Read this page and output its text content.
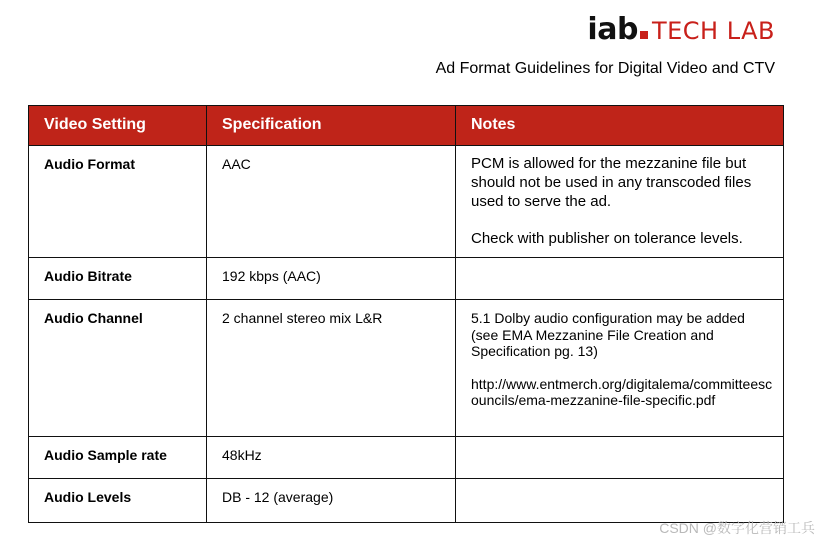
iab TECH LAB
Ad Format Guidelines for Digital Video and CTV
Video Setting	Specification	Notes
Audio Format	AAC	PCM is allowed for the mezzanine file but should not be used in any transcoded files used to serve the ad.
Check with publisher on tolerance levels.

Audio Bitrate	192 kbps (AAC)	
Audio Channel	2 channel stereo mix L&R	5.1 Dolby audio configuration may be added (see EMA Mezzanine File Creation and Specification pg. 13)
http://www.entmerch.org/digitalema/committeescouncils/ema-mezzanine-file-specific.pdf

Audio Sample rate	48kHz	
Audio Levels	DB - 12 (average)	
CSDN @数字化营销工兵
